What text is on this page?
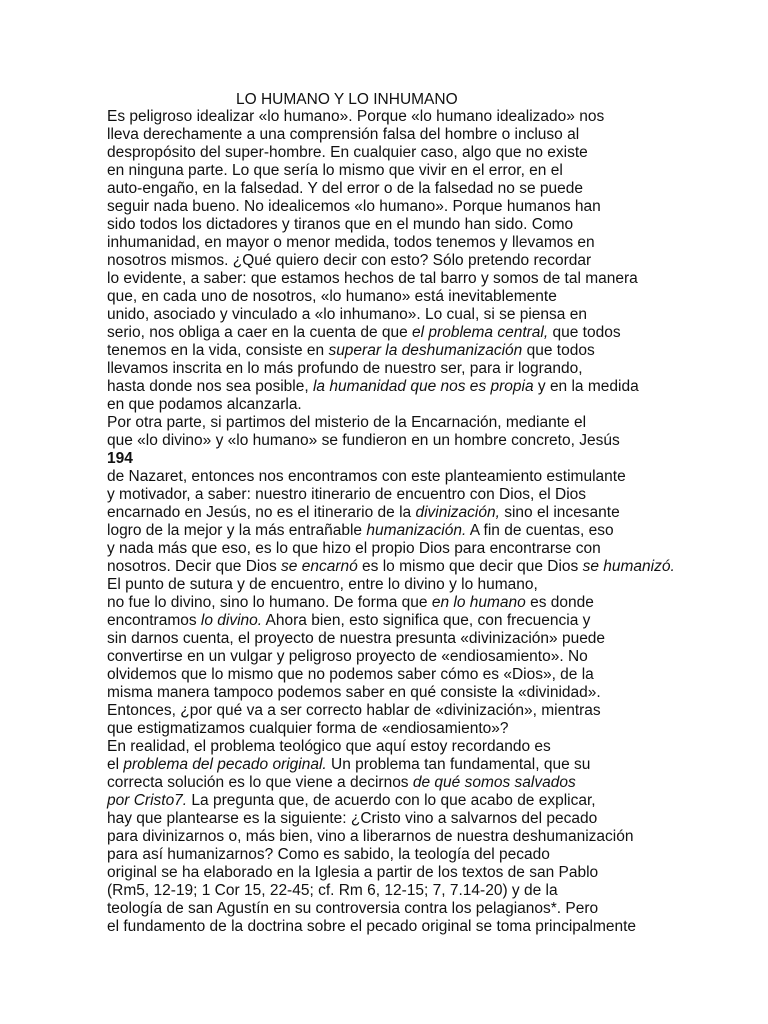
LO HUMANO Y LO INHUMANO
Es peligroso idealizar «lo humano». Porque «lo humano idealizado» nos
lleva derechamente a una comprensión falsa del hombre o incluso al
despropósito del super-hombre. En cualquier caso, algo que no existe
en ninguna parte. Lo que sería lo mismo que vivir en el error, en el
auto-engaño, en la falsedad. Y del error o de la falsedad no se puede
seguir nada bueno. No idealicemos «lo humano». Porque humanos han
sido todos los dictadores y tiranos que en el mundo han sido. Como
inhumanidad, en mayor o menor medida, todos tenemos y llevamos en
nosotros mismos. ¿Qué quiero decir con esto? Sólo pretendo recordar
lo evidente, a saber: que estamos hechos de tal barro y somos de tal manera
que, en cada uno de nosotros, «lo humano» está inevitablemente
unido, asociado y vinculado a «lo inhumano». Lo cual, si se piensa en
serio, nos obliga a caer en la cuenta de que el problema central, que todos
tenemos en la vida, consiste en superar la deshumanización que todos
llevamos inscrita en lo más profundo de nuestro ser, para ir logrando,
hasta donde nos sea posible, la humanidad que nos es propia y en la medida
en que podamos alcanzarla.
Por otra parte, si partimos del misterio de la Encarnación, mediante el
que «lo divino» y «lo humano» se fundieron en un hombre concreto, Jesús
194
de Nazaret, entonces nos encontramos con este planteamiento estimulante
y motivador, a saber: nuestro itinerario de encuentro con Dios, el Dios
encarnado en Jesús, no es el itinerario de la divinización, sino el incesante
logro de la mejor y la más entrañable humanización. A fin de cuentas, eso
y nada más que eso, es lo que hizo el propio Dios para encontrarse con
nosotros. Decir que Dios se encarnó es lo mismo que decir que Dios se humanizó.
El punto de sutura y de encuentro, entre lo divino y lo humano,
no fue lo divino, sino lo humano. De forma que en lo humano es donde
encontramos lo divino. Ahora bien, esto significa que, con frecuencia y
sin darnos cuenta, el proyecto de nuestra presunta «divinización» puede
convertirse en un vulgar y peligroso proyecto de «endiosamiento». No
olvidemos que lo mismo que no podemos saber cómo es «Dios», de la
misma manera tampoco podemos saber en qué consiste la «divinidad».
Entonces, ¿por qué va a ser correcto hablar de «divinización», mientras
que estigmatizamos cualquier forma de «endiosamiento»?
En realidad, el problema teológico que aquí estoy recordando es
el problema del pecado original. Un problema tan fundamental, que su
correcta solución es lo que viene a decirnos de qué somos salvados
por Cristo7. La pregunta que, de acuerdo con lo que acabo de explicar,
hay que plantearse es la siguiente: ¿Cristo vino a salvarnos del pecado
para divinizarnos o, más bien, vino a liberarnos de nuestra deshumanización
para así humanizarnos? Como es sabido, la teología del pecado
original se ha elaborado en la Iglesia a partir de los textos de san Pablo
(Rm5, 12-19; 1 Cor 15, 22-45; cf. Rm 6, 12-15; 7, 7.14-20) y de la
teología de san Agustín en su controversia contra los pelagianos*. Pero
el fundamento de la doctrina sobre el pecado original se toma principalmente
